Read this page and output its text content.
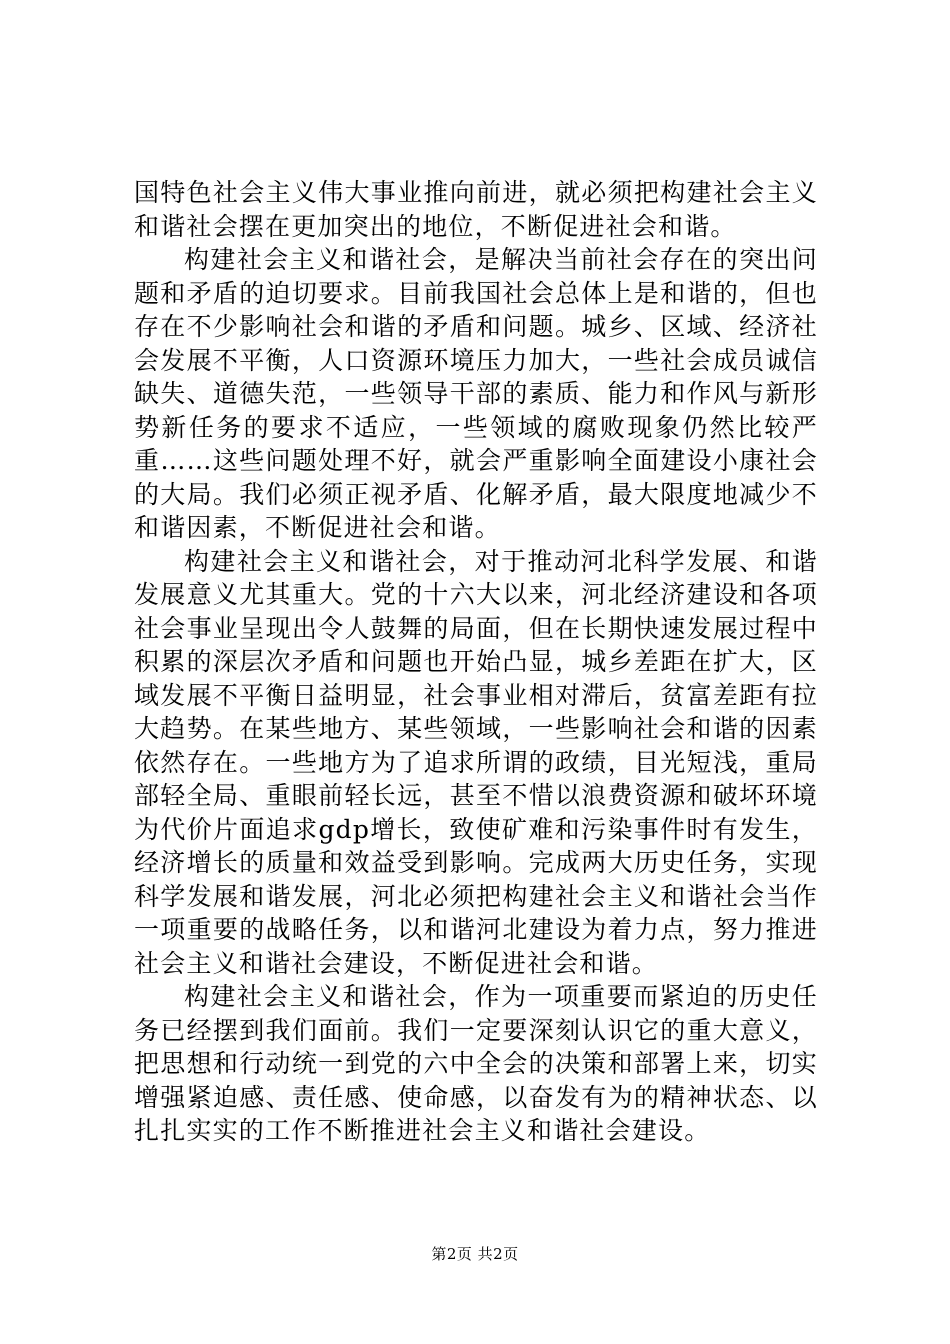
国特色社会主义伟大事业推向前进，就必须把构建社会主义和谐社会摆在更加突出的地位，不断促进社会和谐。

构建社会主义和谐社会，是解决当前社会存在的突出问题和矛盾的迫切要求。目前我国社会总体上是和谐的，但也存在不少影响社会和谐的矛盾和问题。城乡、区域、经济社会发展不平衡，人口资源环境压力加大，一些社会成员诚信缺失、道德失范，一些领导干部的素质、能力和作风与新形势新任务的要求不适应，一些领域的腐败现象仍然比较严重……这些问题处理不好，就会严重影响全面建设小康社会的大局。我们必须正视矛盾、化解矛盾，最大限度地减少不和谐因素，不断促进社会和谐。

构建社会主义和谐社会，对于推动河北科学发展、和谐发展意义尤其重大。党的十六大以来，河北经济建设和各项社会事业呈现出令人鼓舞的局面，但在长期快速发展过程中积累的深层次矛盾和问题也开始凸显，城乡差距在扩大，区域发展不平衡日益明显，社会事业相对滞后，贫富差距有拉大趋势。在某些地方、某些领域，一些影响社会和谐的因素依然存在。一些地方为了追求所谓的政绩，目光短浅，重局部轻全局、重眼前轻长远，甚至不惜以浪费资源和破坏环境为代价片面追求gdp增长，致使矿难和污染事件时有发生，经济增长的质量和效益受到影响。完成两大历史任务，实现科学发展和谐发展，河北必须把构建社会主义和谐社会当作一项重要的战略任务，以和谐河北建设为着力点，努力推进社会主义和谐社会建设，不断促进社会和谐。

构建社会主义和谐社会，作为一项重要而紧迫的历史任务已经摆到我们面前。我们一定要深刻认识它的重大意义，把思想和行动统一到党的六中全会的决策和部署上来，切实增强紧迫感、责任感、使命感，以奋发有为的精神状态、以扎扎实实的工作不断推进社会主义和谐社会建设。

第2页 共2页
